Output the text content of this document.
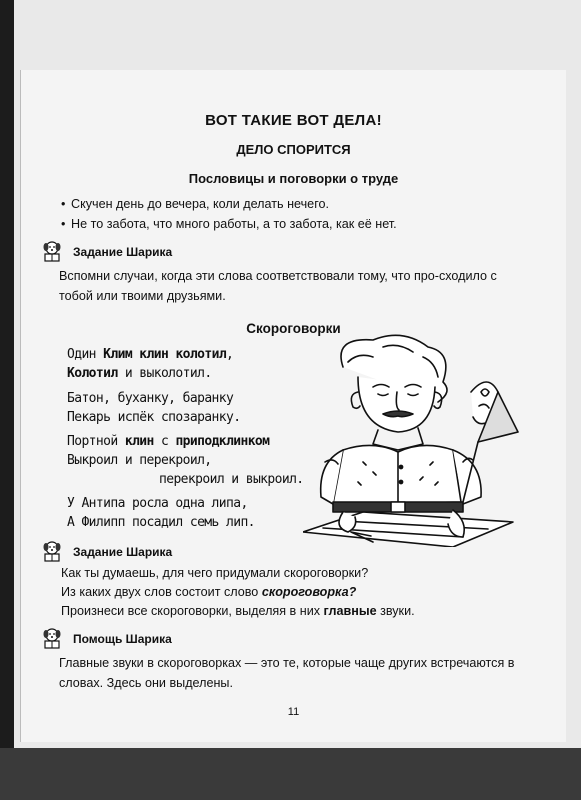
ВОТ ТАКИЕ ВОТ ДЕЛА!
ДЕЛО СПОРИТСЯ
Пословицы и поговорки о труде
• Скучен день до вечера, коли делать нечего.
• Не то забота, что много работы, а то забота, как её нет.
Задание Шарика
Вспомни случаи, когда эти слова соответствовали тому, что про-сходило с тобой или твоими друзьями.
Скороговорки
Один Клим клин колотил,
Колотил и выколотил.
Батон, буханку, баранку
Пекарь испёк спозаранку.
Портной клин с приподклинком
Выкроил и перекроил,
перекроил и выкроил.
У Антипа росла одна липа,
А Филипп посадил семь лип.
Задание Шарика
Как ты думаешь, для чего придумали скороговорки?
Из каких двух слов состоит слово скороговорка?
Произнеси все скороговорки, выделяя в них главные звуки.
Помощь Шарика
Главные звуки в скороговорках — это те, которые чаще других встречаются в словах. Здесь они выделены.
11
